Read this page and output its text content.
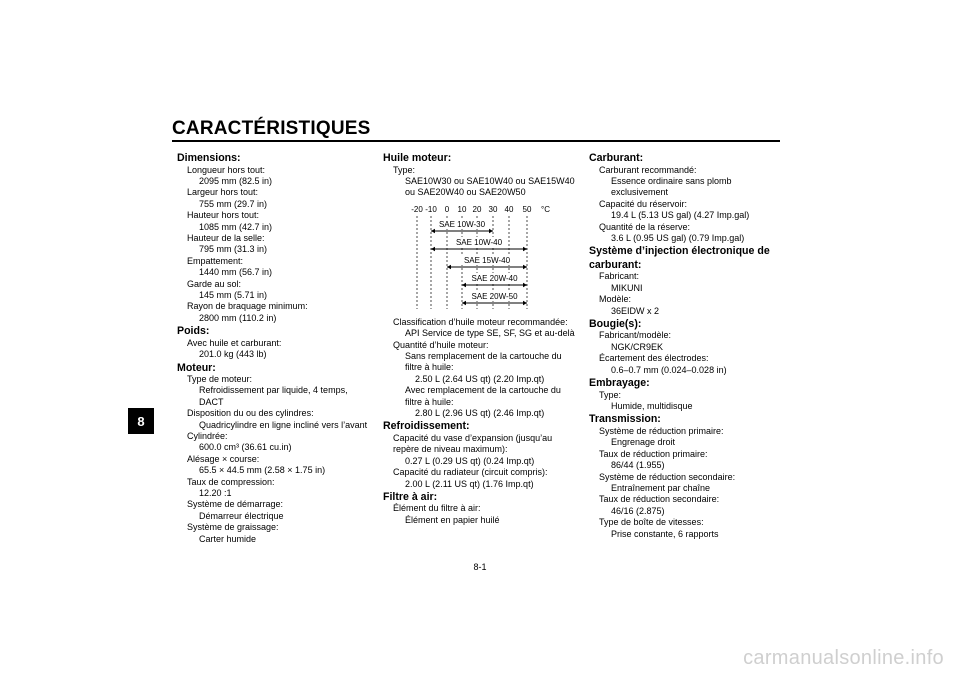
CARACTÉRISTIQUES
8
Dimensions:
Longueur hors tout:
2095 mm (82.5 in)
Largeur hors tout:
755 mm (29.7 in)
Hauteur hors tout:
1085 mm (42.7 in)
Hauteur de la selle:
795 mm (31.3 in)
Empattement:
1440 mm (56.7 in)
Garde au sol:
145 mm (5.71 in)
Rayon de braquage minimum:
2800 mm (110.2 in)
Poids:
Avec huile et carburant:
201.0 kg (443 lb)
Moteur:
Type de moteur:
Refroidissement par liquide, 4 temps,
DACT
Disposition du ou des cylindres:
Quadricylindre en ligne incliné vers l’avant
Cylindrée:
600.0 cm³ (36.61 cu.in)
Alésage × course:
65.5 × 44.5 mm (2.58 × 1.75 in)
Taux de compression:
12.20 :1
Système de démarrage:
Démarreur électrique
Système de graissage:
Carter humide
Huile moteur:
Type:
SAE10W30 ou SAE10W40 ou SAE15W40
ou SAE20W40 ou SAE20W50
-20 -10 0 10 20 30 40 50 °C
SAE 10W-30
SAE 10W-40
SAE 15W-40
SAE 20W-40
SAE 20W-50
Classification d’huile moteur recommandée:
API Service de type SE, SF, SG et au-delà
Quantité d’huile moteur:
Sans remplacement de la cartouche du
filtre à huile:
2.50 L (2.64 US qt) (2.20 Imp.qt)
Avec remplacement de la cartouche du
filtre à huile:
2.80 L (2.96 US qt) (2.46 Imp.qt)
Refroidissement:
Capacité du vase d’expansion (jusqu’au
repère de niveau maximum):
0.27 L (0.29 US qt) (0.24 Imp.qt)
Capacité du radiateur (circuit compris):
2.00 L (2.11 US qt) (1.76 Imp.qt)
Filtre à air:
Élément du filtre à air:
Élément en papier huilé
Carburant:
Carburant recommandé:
Essence ordinaire sans plomb
exclusivement
Capacité du réservoir:
19.4 L (5.13 US gal) (4.27 Imp.gal)
Quantité de la réserve:
3.6 L (0.95 US gal) (0.79 Imp.gal)
Système d’injection électronique de
carburant:
Fabricant:
MIKUNI
Modèle:
36EIDW x 2
Bougie(s):
Fabricant/modèle:
NGK/CR9EK
Écartement des électrodes:
0.6–0.7 mm (0.024–0.028 in)
Embrayage:
Type:
Humide, multidisque
Transmission:
Système de réduction primaire:
Engrenage droit
Taux de réduction primaire:
86/44 (1.955)
Système de réduction secondaire:
Entraînement par chaîne
Taux de réduction secondaire:
46/16 (2.875)
Type de boîte de vitesses:
Prise constante, 6 rapports
8-1
carmanualsonline.info
